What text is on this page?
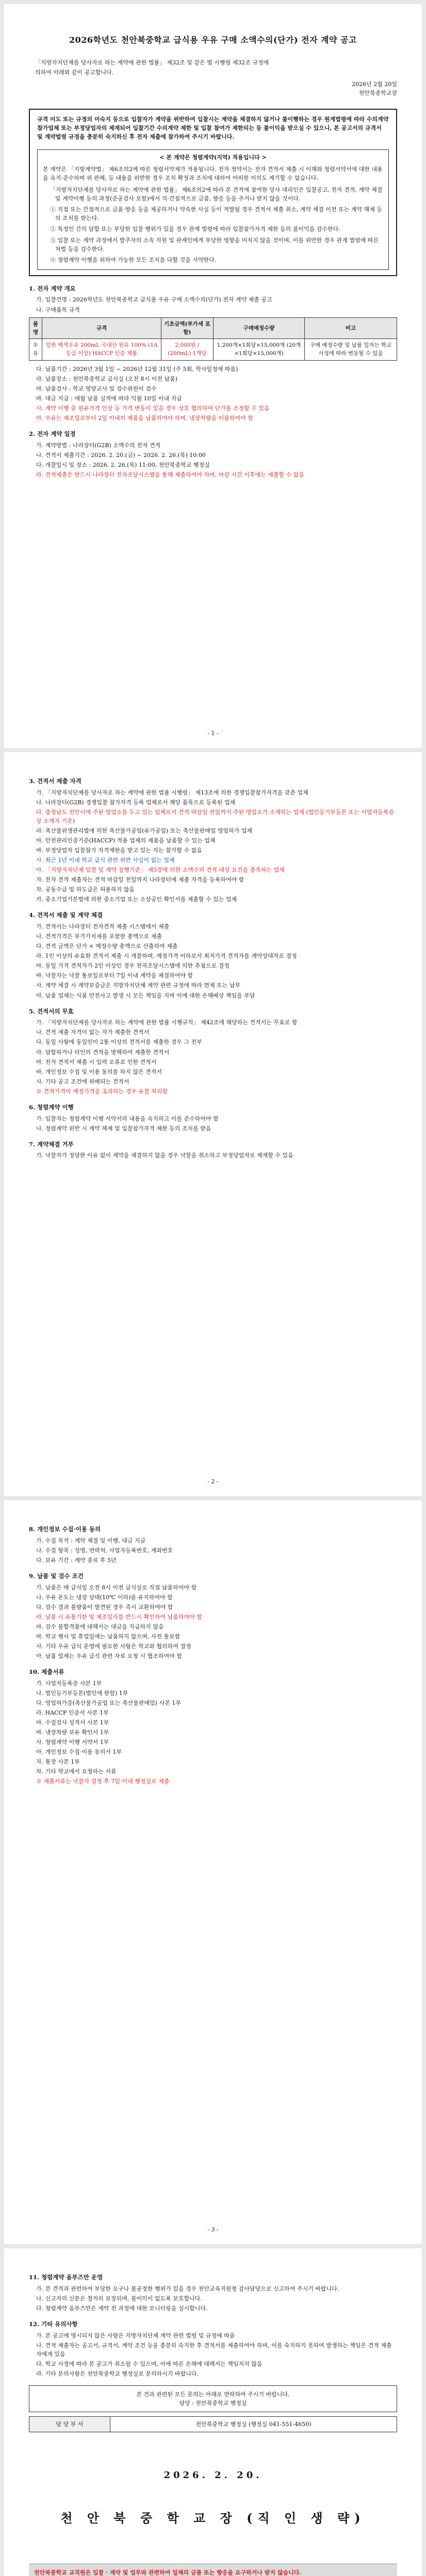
2026학년도 천안북중학교 급식용 우유 구매 소액수의(단가) 전자 계약 공고

「지방자치단체를 당사자로 하는 계약에 관한 법률」 제32조 및 같은 법 시행령 제32조 규정에

의하여 아래와 같이 공고합니다.

2026년 2월 20일
천안북중학교장

규격 미도 또는 규정의 미숙지 등으로 입찰자가 계약을 위반하여 입찰시는 계약을 체결하지 않거나 불이행하는 경우 원계법령에 따라 수의계약 참가업체 또는 부정당업자의 제재되어 입찰기간 수의계약 제한 및 입찰 참여가 제한되는 등 불이익을 받으실 수 있으니, 본 공고서의 규격서 및 계약법령 규정을 충분히 숙지하신 후 전자 제출에 참가하여 주시기 바랍니다.

< 본 계약은 청렴계약(지역) 적용입니다 >

본 계약은 「지방계약법」 제6조의2에 따른 청렴서약제가 적용됩니다. 전자 청약서는 전자 견적서 제출 시 이해와 청렴서약서에 대한 내용을 숙지·준수하며 위 판례, 등 내용을 위반한 경우 조치 확정과 조치에 대하여 어떠한 이의도 제기할 수 없습니다.

「지방자치단체를 당사자로 하는 계약에 관한 법률」 제6조의2에 따라 본 견적에 참여한 당사 대리인은 입찰공고, 전자 견적, 계약 체결 및 계약이행 등의 과정(준공검사 포함)에서 직·간접적으로 금품, 향응 등을 주거나 받지 않을 것이다.
① 직접 또는 간접적으로 금품·향응 등을 제공하거나 약속한 사실 등이 적발될 경우 견적서 제출 취소, 계약 체결 이전 또는 계약 해제 등의 조치를 받는다.
② 특정인 간의 담합 또는 부당한 입찰 행위가 있을 경우 관계 법령에 따라 입찰참가자격 제한 등의 불이익을 감수한다.
③ 입찰 또는 계약 과정에서 발주자의 소속 직원 및 관계인에게 부당한 영향을 미치지 않을 것이며, 이를 위반한 경우 관계 법령에 따른 처벌 등을 감수한다.
④ 청렴계약 이행을 위하여 가능한 모든 조치를 다할 것을 서약한다.
1. 전자 계약 개요
가. 입찰건명 : 2026학년도 천안북중학교 급식용 우유 구매 소액수의(단가) 전자 계약 제출 공고
나. 구매품목 규격
품명	규격	기초금액(부가세 포함)	구매예정수량	비고
우유	일반 백색우유 200mL 국내산 원유 100% (1A등급 이상) HACCP 인증 제품	2,000원 / (200mL) 1개당	1,200개×1회당×15,000개 (20개×1회당×15,000개)	구매 예정수량 및 납품 일자는 학교 사정에 따라 변동될 수 있음
다. 납품기간 : 2026년 3월 1일 ~ 2026년 12월 31일 (주 5회, 학사일정에 따름)
라. 납품장소 : 천안북중학교 급식실 (오전 8시 이전 납품)
마. 납품검사 : 학교 영양교사 및 검수위원이 검수
바. 대금 지급 : 매월 납품 실적에 따라 익월 10일 이내 지급
사. 계약 이행 중 원유가격 인상 등 가격 변동이 있을 경우 상호 협의하여 단가를 조정할 수 있음
아. 우유는 제조일로부터 2일 이내의 제품을 납품하여야 하며, 냉장차량을 이용하여야 함
2. 전자 계약 일정
가. 계약방법 : 나라장터(G2B) 소액수의 전자 견적
나. 견적서 제출기간 : 2026. 2. 20.(금) ~ 2026. 2. 26.(목) 10:00
다. 개찰일시 및 장소 : 2026. 2. 26.(목) 11:00, 천안북중학교 행정실
라. 견적제출은 반드시 나라장터 전자조달시스템을 통해 제출하여야 하며, 마감 시간 이후에는 제출할 수 없음
- 1 -
3. 견적서 제출 자격
가. 「지방자치단체를 당사자로 하는 계약에 관한 법률 시행령」 제13조에 의한 경쟁입찰참가자격을 갖춘 업체
나. 나라장터(G2B) 경쟁입찰 참가자격 등록 업체로서 해당 품목으로 등록된 업체
다. 충청남도 천안시에 주된 영업소를 두고 있는 업체로서 견적 마감일 전일까지 주된 영업소가 소재하는 업체 (법인등기부등본 또는 사업자등록증 상 소재지 기준)
라. 축산물위생관리법에 의한 축산물가공업(유가공업) 또는 축산물판매업 영업허가 업체
마. 안전관리인증기준(HACCP) 적용 업체의 제품을 납품할 수 있는 업체
바. 부정당업자 입찰참가 자격제한을 받고 있는 자는 참가할 수 없음
사. 최근 1년 이내 학교 급식 관련 위반 사실이 없는 업체
아. 「지방자치단체 입찰 및 계약 집행기준」 제5장에 의한 소액수의 견적 대상 요건을 충족하는 업체
자. 전자 견적 제출자는 견적 마감일 전일까지 나라장터에 제출 자격을 등록하여야 함
차. 공동수급 및 하도급은 허용하지 않음
카. 중소기업기본법에 의한 중소기업 또는 소상공인 확인서를 제출할 수 있는 업체
4. 견적서 제출 및 계약 체결
가. 견적서는 나라장터 전자견적 제출 시스템에서 제출
나. 견적가격은 부가가치세를 포함한 총액으로 제출
다. 견적 금액은 단가 × 예정수량 총액으로 산출하여 제출
라. 1인 이상의 유효한 견적서 제출 시 개찰하며, 예정가격 이하로서 최저가격 견적자를 계약상대자로 결정
마. 동일 가격 견적자가 2인 이상인 경우 전자조달시스템에 의한 추첨으로 결정
바. 낙찰자는 낙찰 통보일로부터 7일 이내 계약을 체결하여야 함
사. 계약 체결 시 계약보증금은 지방자치단체 계약 관련 규정에 따라 면제 또는 납부
아. 납품 업체는 식품 안전사고 발생 시 모든 책임을 지며 이에 대한 손해배상 책임을 부담
5. 견적서의 무효
가. 「지방자치단체를 당사자로 하는 계약에 관한 법률 시행규칙」 제42조에 해당하는 견적서는 무효로 함
나. 견적 제출 자격이 없는 자가 제출한 견적서
다. 동일 사항에 동일인이 2통 이상의 견적서를 제출한 경우 그 전부
라. 담합하거나 타인의 견적을 방해하여 제출한 견적서
마. 전자 견적서 제출 시 입력 오류로 인한 견적서
바. 개인정보 수집 및 이용 동의를 하지 않은 견적서
사. 기타 공고 조건에 위배되는 견적서
※ 견적가격이 예정가격을 초과하는 경우 유찰 처리함
6. 청렴계약 이행
가. 입찰자는 청렴계약 이행 서약서의 내용을 숙지하고 이를 준수하여야 함
나. 청렴계약 위반 시 계약 해제 및 입찰참가자격 제한 등의 조치를 받음
7. 계약체결 거부
가. 낙찰자가 정당한 이유 없이 계약을 체결하지 않을 경우 낙찰을 취소하고 부정당업자로 제재할 수 있음
- 2 -
8. 개인정보 수집·이용 동의
가. 수집 목적 : 계약 체결 및 이행, 대금 지급
나. 수집 항목 : 성명, 연락처, 사업자등록번호, 계좌번호
다. 보유 기간 : 계약 종료 후 5년
9. 납품 및 검수 조건
가. 납품은 매 급식일 오전 8시 이전 급식실로 직접 납품하여야 함
나. 우유 온도는 냉장 상태(10℃ 이하)를 유지하여야 함
다. 검수 결과 불량품이 발견된 경우 즉시 교환하여야 함
라. 납품 시 유통기한 및 제조일자를 반드시 확인하여 납품하여야 함
마. 검수 불합격품에 대해서는 대금을 지급하지 않음
바. 학교 행사 및 휴업일에는 납품하지 않으며, 사전 통보함
사. 기타 우유 급식 운영에 필요한 사항은 학교와 협의하여 결정
아. 납품 업체는 우유 급식 관련 자료 요청 시 협조하여야 함
10. 제출서류
가. 사업자등록증 사본 1부
나. 법인등기부등본(법인에 한함) 1부
다. 영업허가증(축산물가공업 또는 축산물판매업) 사본 1부
라. HACCP 인증서 사본 1부
마. 수질검사 성적서 사본 1부
바. 냉장차량 보유 확인서 1부
사. 청렴계약 이행 서약서 1부
아. 개인정보 수집·이용 동의서 1부
자. 통장 사본 1부
차. 기타 학교에서 요청하는 서류
※ 제출서류는 낙찰자 결정 후 7일 이내 행정실로 제출
- 3 -
11. 청렴계약 옴부즈만 운영
가. 본 견적과 관련하여 부당한 요구나 불공정한 행위가 있을 경우 천안교육지원청 감사담당으로 신고하여 주시기 바랍니다.
나. 신고자의 신분은 철저히 보장되며, 불이익이 없도록 보호합니다.
다. 청렴계약 옴부즈만은 계약 전 과정에 대한 모니터링을 실시합니다.
12. 기타 유의사항
가. 본 공고에 명시되지 않은 사항은 지방자치단체 계약 관련 법령 및 규정에 따름
나. 견적 제출자는 공고서, 규격서, 계약 조건 등을 충분히 숙지한 후 견적서를 제출하여야 하며, 이를 숙지하지 못하여 발생하는 책임은 견적 제출자에게 있음
다. 학교 사정에 따라 본 공고가 취소될 수 있으며, 이에 따른 손해에 대해서는 책임지지 않음
라. 기타 문의사항은 천안북중학교 행정실로 문의하시기 바랍니다.

본 건과 관련된 모든 문의는 아래로 연락하여 주시기 바랍니다.

담당 : 천안북중학교 행정실

담 당 부 서	천안북중학교 행정실 (행정실 041-551-4650)
2026. 2. 20.
천 안 북 중 학 교 장 (직 인 생 략)
천안북중학교 교직원은 입찰 · 계약 및 업무와 관련하여 일체의 금품 또는 향응을 요구하거나 받지 않습니다.
